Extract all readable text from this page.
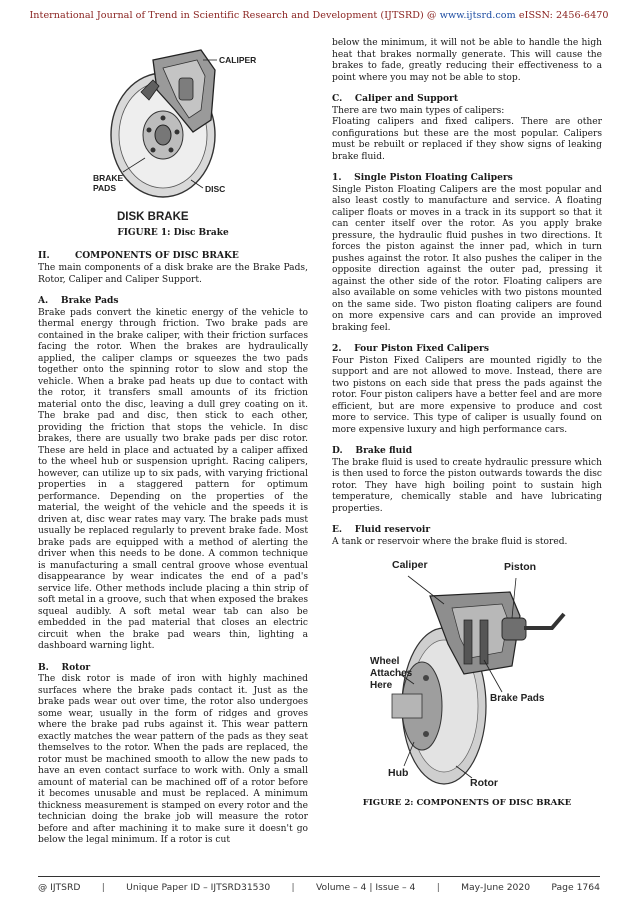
International Journal of Trend in Scientific Research and Development (IJTSRD) @ www.ijtsrd.com eISSN: 2456-6470
CALIPER
BRAKE
PADS	DISC
DISK BRAKE
FIGURE 1: Disc Brake
II.        COMPONENTS OF DISC BRAKE

The main components of a disk brake are the Brake Pads, Rotor, Caliper and Caliper Support.

A.    Brake Pads

Brake pads convert the kinetic energy of the vehicle to thermal energy through friction. Two brake pads are contained in the brake caliper, with their friction surfaces facing the rotor. When the brakes are hydraulically applied, the caliper clamps or squeezes the two pads together onto the spinning rotor to slow and stop the vehicle. When a brake pad heats up due to contact with the rotor, it transfers small amounts of its friction material onto the disc, leaving a dull grey coating on it. The brake pad and disc, then stick to each other, providing the friction that stops the vehicle. In disc brakes, there are usually two brake pads per disc rotor. These are held in place and actuated by a caliper affixed to the wheel hub or suspension upright. Racing calipers, however, can utilize up to six pads, with varying frictional properties in a staggered pattern for optimum performance. Depending on the properties of the material, the weight of the vehicle and the speeds it is driven at, disc wear rates may vary. The brake pads must usually be replaced regularly to prevent brake fade. Most brake pads are equipped with a method of alerting the driver when this needs to be done. A common technique is manufacturing a small central groove whose eventual disappearance by wear indicates the end of a pad's service life. Other methods include placing a thin strip of soft metal in a groove, such that when exposed the brakes squeal audibly. A soft metal wear tab can also be embedded in the pad material that closes an electric circuit when the brake pad wears thin, lighting a dashboard warning light.

B.    Rotor

The disk rotor is made of iron with highly machined surfaces where the brake pads contact it. Just as the brake pads wear out over time, the rotor also undergoes some wear, usually in the form of ridges and groves where the brake pad rubs against it. This wear pattern exactly matches the wear pattern of the pads as they seat themselves to the rotor. When the pads are replaced, the rotor must be machined smooth to allow the new pads to have an even contact surface to work with. Only a small amount of material can be machined off of a rotor before it becomes unusable and must be replaced. A minimum thickness measurement is stamped on every rotor and the technician doing the brake job will measure the rotor before and after machining it to make sure it doesn't go below the legal minimum. If a rotor is cut

below the minimum, it will not be able to handle the high heat that brakes normally generate. This will cause the brakes to fade, greatly reducing their effectiveness to a point where you may not be able to stop.

C.    Caliper and Support

There are two main types of calipers:

Floating calipers and fixed calipers. There are other configurations but these are the most popular. Calipers must be rebuilt or replaced if they show signs of leaking brake fluid.

1.    Single Piston Floating Calipers

Single Piston Floating Calipers are the most popular and also least costly to manufacture and service. A floating caliper floats or moves in a track in its support so that it can center itself over the rotor. As you apply brake pressure, the hydraulic fluid pushes in two directions. It forces the piston against the inner pad, which in turn pushes against the rotor. It also pushes the caliper in the opposite direction against the outer pad, pressing it against the other side of the rotor. Floating calipers are also available on some vehicles with two pistons mounted on the same side. Two piston floating calipers are found on more expensive cars and can provide an improved braking feel.

2.    Four Piston Fixed Calipers

Four Piston Fixed Calipers are mounted rigidly to the support and are not allowed to move. Instead, there are two pistons on each side that press the pads against the rotor. Four piston calipers have a better feel and are more efficient, but are more expensive to produce and cost more to service. This type of caliper is usually found on more expensive luxury and high performance cars.

D.    Brake fluid

The brake fluid is used to create hydraulic pressure which is then used to force the piston outwards towards the disc rotor. They have high boiling point to sustain high temperature, chemically stable and have lubricating properties.

E.    Fluid reservoir

A tank or reservoir where the brake fluid is stored.

Caliper	Piston
Wheel
Attaches
Here
Brake Pads
Hub
Rotor
FIGURE 2: COMPONENTS OF DISC BRAKE
@ IJTSRD | Unique Paper ID – IJTSRD31530 | Volume – 4 | Issue – 4 | May-June 2020 Page 1764
